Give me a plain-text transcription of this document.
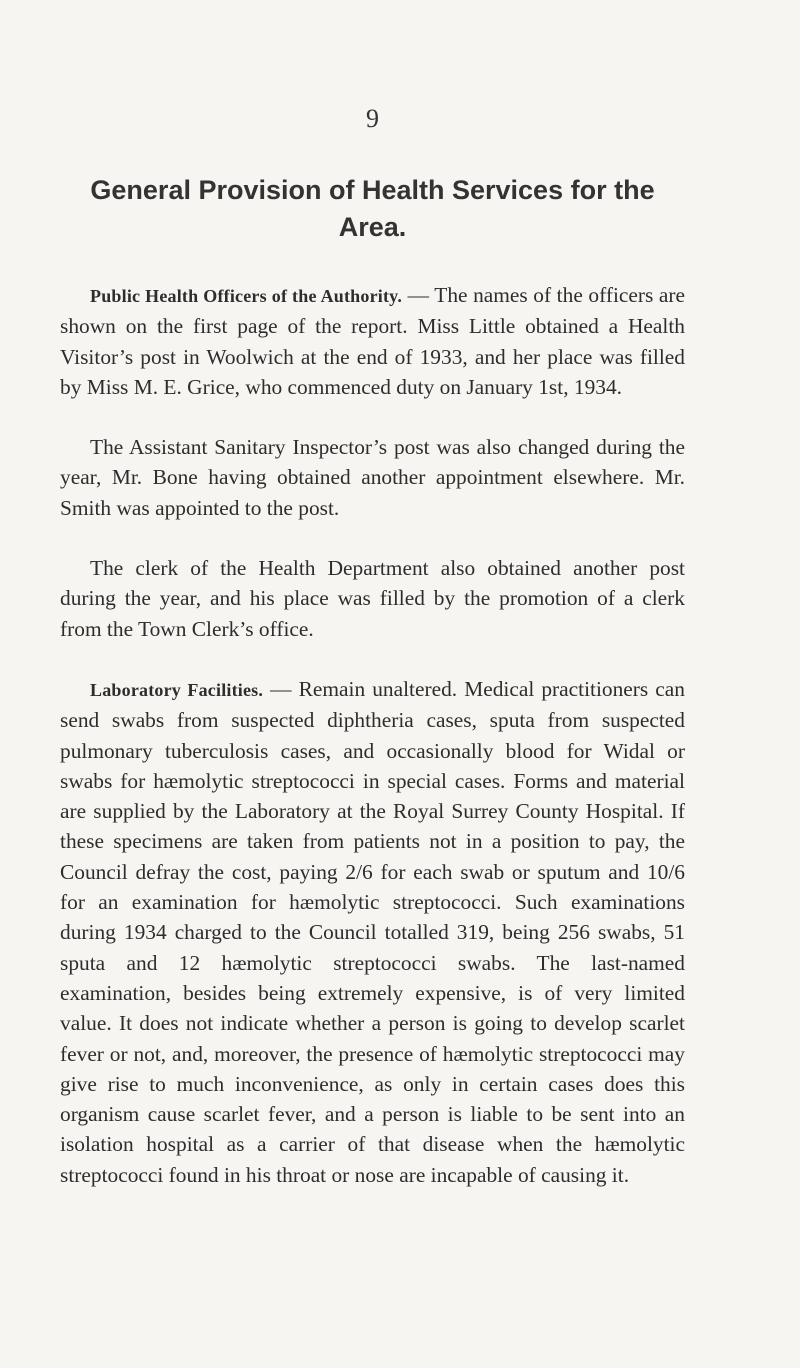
9
General Provision of Health Services for the Area.

Public Health Officers of the Authority. — The names of the officers are shown on the first page of the report. Miss Little obtained a Health Visitor’s post in Woolwich at the end of 1933, and her place was filled by Miss M. E. Grice, who commenced duty on January 1st, 1934.

The Assistant Sanitary Inspector’s post was also changed during the year, Mr. Bone having obtained another appointment elsewhere. Mr. Smith was appointed to the post.

The clerk of the Health Department also obtained another post during the year, and his place was filled by the promotion of a clerk from the Town Clerk’s office.

Laboratory Facilities. — Remain unaltered. Medical practitioners can send swabs from suspected diphtheria cases, sputa from suspected pulmonary tuberculosis cases, and occasionally blood for Widal or swabs for hæmolytic streptococci in special cases. Forms and material are supplied by the Laboratory at the Royal Surrey County Hospital. If these specimens are taken from patients not in a position to pay, the Council defray the cost, paying 2/6 for each swab or sputum and 10/6 for an examination for hæmolytic streptococci. Such examinations during 1934 charged to the Council totalled 319, being 256 swabs, 51 sputa and 12 hæmolytic streptococci swabs. The last-named examination, besides being extremely expensive, is of very limited value. It does not indicate whether a person is going to develop scarlet fever or not, and, moreover, the presence of hæmolytic streptococci may give rise to much inconvenience, as only in certain cases does this organism cause scarlet fever, and a person is liable to be sent into an isolation hospital as a carrier of that disease when the hæmolytic streptococci found in his throat or nose are incapable of causing it.
